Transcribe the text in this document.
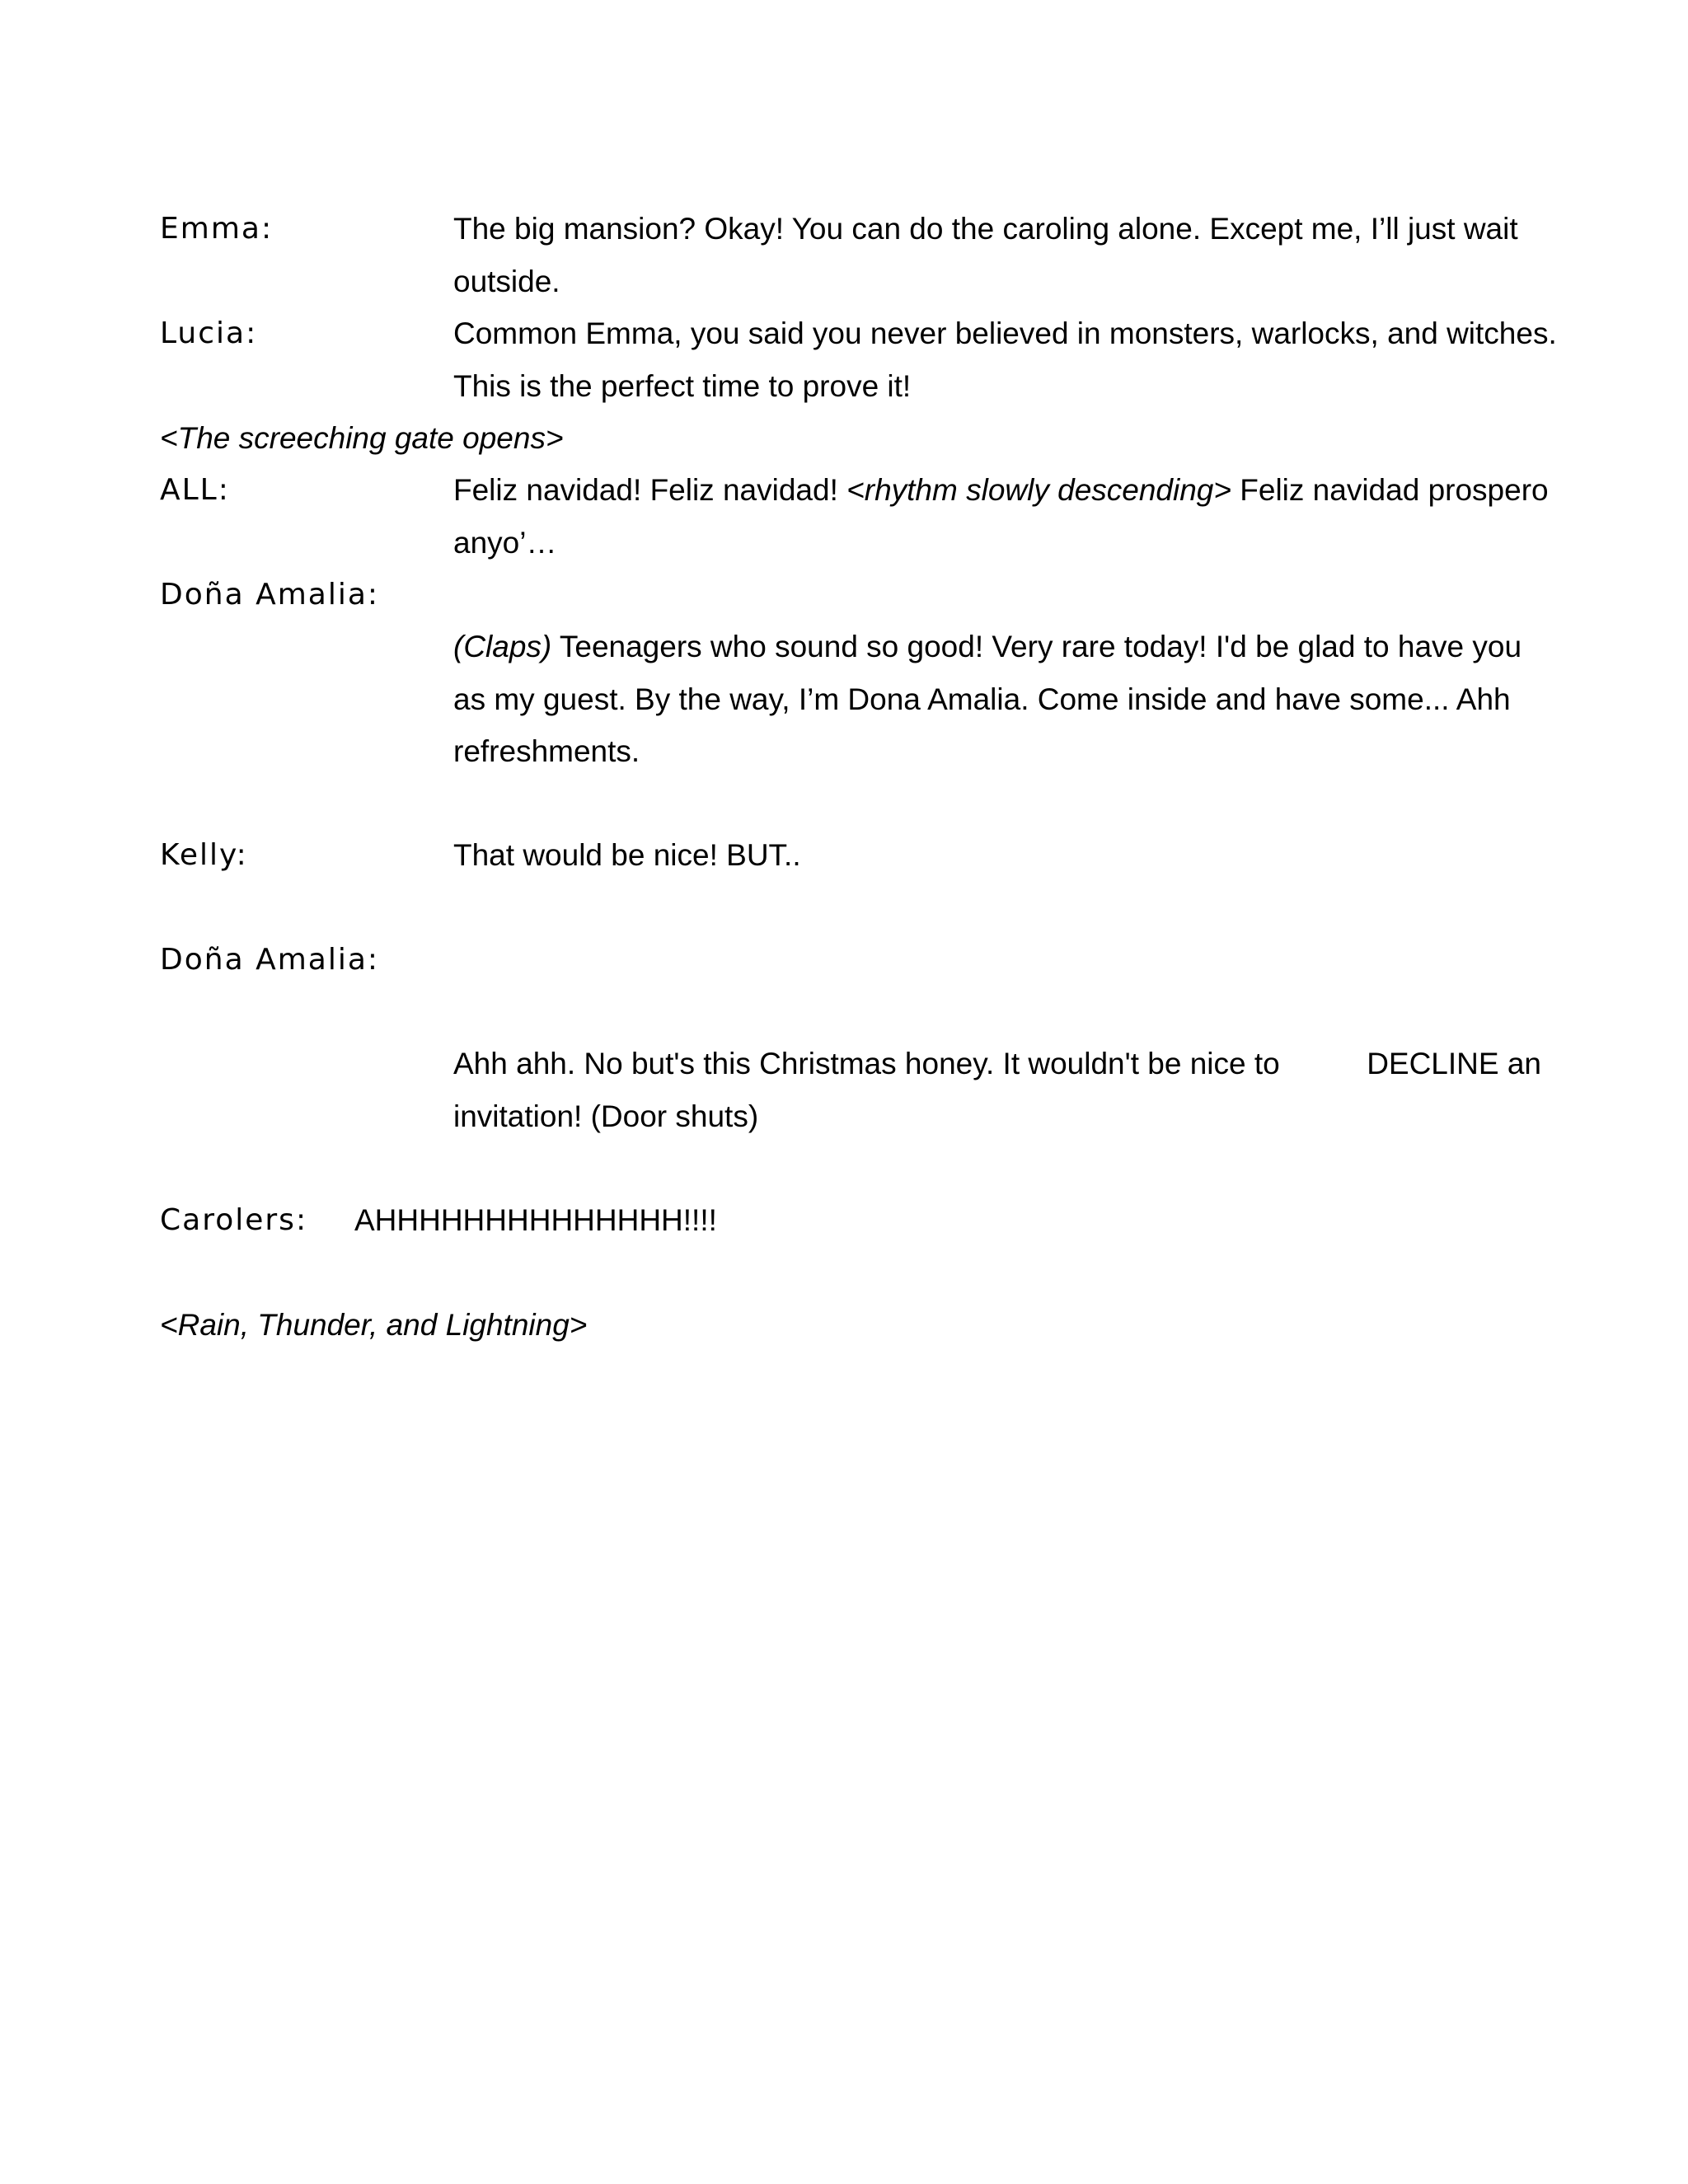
Emma:	The big mansion? Okay! You can do the caroling alone. Except me, I’ll just wait
outside.
Lucia:	Common Emma, you said you never believed in monsters, warlocks, and witches.
This is the perfect time to prove it!
<The screeching gate opens>
ALL:	Feliz navidad! Feliz navidad! <rhythm slowly descending> Feliz navidad prospero
anyo’…
Doña Amalia:
(Claps) Teenagers who sound so good! Very rare today! I'd be glad to have you
as my guest. By the way, I’m Dona Amalia. Come inside and have some... Ahh
refreshments.
Kelly:	That would be nice! BUT..
Doña Amalia:
Ahh ahh. No but's this Christmas honey. It wouldn't be nice to	DECLINE an
invitation! (Door shuts)
Carolers: AHHHHHHHHHHHHHH!!!!
<Rain, Thunder, and Lightning>
